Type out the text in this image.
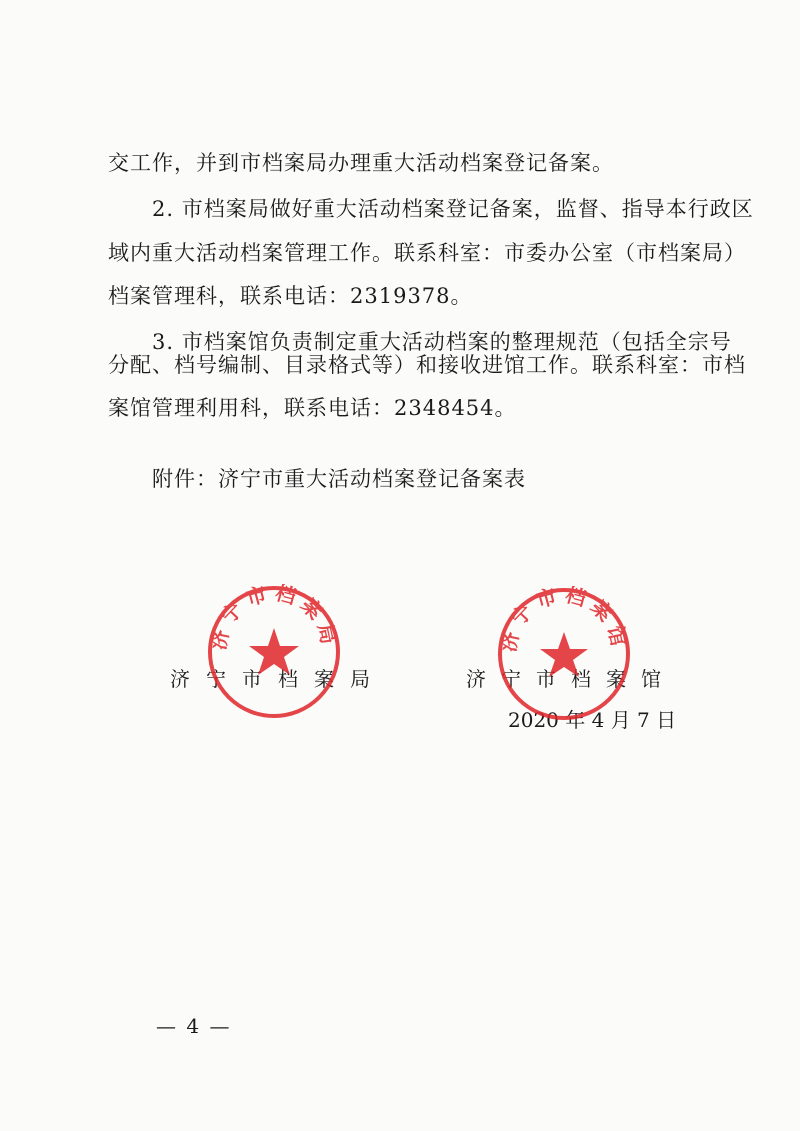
交工作，并到市档案局办理重大活动档案登记备案。

2. 市档案局做好重大活动档案登记备案，监督、指导本行政区

域内重大活动档案管理工作。联系科室：市委办公室（市档案局）

档案管理科，联系电话：2319378。

3. 市档案馆负责制定重大活动档案的整理规范（包括全宗号

分配、档号编制、目录格式等）和接收进馆工作。联系科室：市档

案馆管理利用科，联系电话：2348454。

附件：济宁市重大活动档案登记备案表

济宁市档案局	济宁市档案馆
2020 年 4 月 7 日
济宁市档案局	济宁市档案馆
— 4 —
